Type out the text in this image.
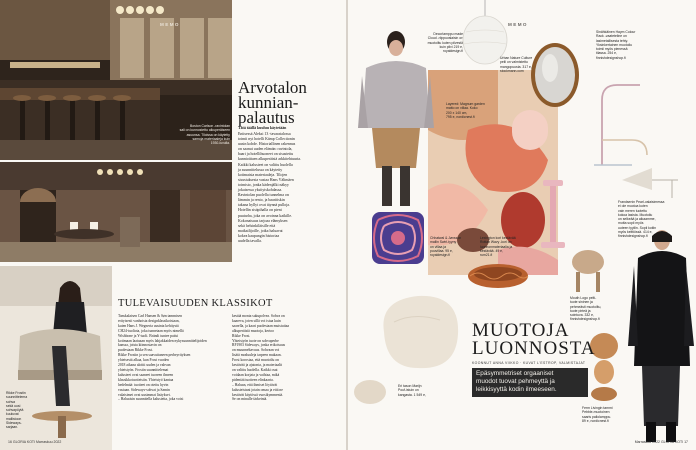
Boston Carlson -ravintolan
sali on kunnostettu alkuperäiseen
asuunsa. Tiloissa on käytetty
samoja materiaaleja kuin
1930-luvulla.
MEMO
Arvotalon
kunnian-
palautus
Tätä täällä kuuluu käytetään
Entisessä Aleksi 13 -tavaratalossa
toimii nyt hotelli Kämp Collectionin
uusin kohde. Historiallinen rakennus
on saanut uuden elämän: ravintola,
baari ja hotellihuoneet on sisustettu
kunnioittaen alkuperäistä arkkitehtuuria.
Kaikki kalusteet on valittu huolella
ja suunnittelussa on käytetty
kotimaisia materiaaleja. Tilojen
sisustuksesta vastaa Hans Välimäen
toimisto, jonka kädenjälki näkyy
jokaisessa yksityiskohdassa.
Ravintolan puolella tunnelma on
lämmin ja rento, ja baaritiskin
takana hyllyt ovat täynnä pulloja.
Hotellin sisäpihalla on pieni
puutarha, joka on avoinna kaikille.
Kokonaisuus tarjoaa elämyksen
sekä helsinkiläisille että
matkailijoille, jotka haluavat
kokea kaupungin historiaa
uudella tavalla.
Rikke Frostin
suunnittelema
sohva
sekä uusi
sohvapöytä
kuuluvat
mallistoon
Sideways-
sarjaan.
TULEVAISUUDEN KLASSIKOT
Tanskalaisen Carl Hansen & Søn tammisen
erityisesti vanhoista designklassikoistaan,
kuten Hans J. Wegneria uusinta kehitystä
CH24-tuoliota, joka tunnetaan myös nimellä
Wishbone ja Y-tuoli. Brändi tuntee paitsi
kotimaan laatuaan myös lahjakkaiden nykysuunnittelijoiden
kanssa, joista kiinnostavin on
puolestaan Rikke Frost.
Rikke Frostin ja sen saavuttaneen perheyrityksen
yhteisestä alkaa, kun Frost vuoden
2018 aikana aloitti uuden ja vahvan
yhteistyön. Frostin suunnittelemat
kalusteet ovat saaneet tuoreen ilmeen
klassikkotuotteisiin. Yhteistyö kantaa
hedelmää: tuotteet on otettu hyvin
vastaan. Sideways-sohvat ja Samin
valaisimet ovat uusimmat lisäykset.
– Haluaisin suunnitella kalusteita, joka voisi
kestää monta sukupolvea. Sohva on
kaareva, joten sillä voi istua kuin
saarella, ja kaari puolestaan muistuttaa
alkuperäisiä muotoja, kertoo
Rikke Frost.
Yhteistyön tuote on sohvaperhe
RF1903 Sideways, jonka erikoisuus
on muunneltavuus. Sohvaan voi
lisätä moduuleja tarpeen mukaan.
Frost korostaa, että muotoilu on
kestävää ja ajatonta, ja materiaalit
on valittu huolella. Kaikki osat
voidaan korjata ja vaihtaa, mikä
pidentää tuotteen elinkaarta.
– Haluan, että ihmiset löytävät
kalusteistani jotain omaa ja että ne
kestävät käytössä vuosikymmeniä.
Se on minulle tärkeintä.
16 GLORIA KOTI Marraskuu 2022
MEMO
Decorlamppu made
Cloud -riippuvalaisin on
muotoiltu kuten pilvestä
kuin pilvi 219 e,
royaldesign.fi
Urban Nature Culture
peili on valmistettu
mangopuusta. 317 e,
stockmann.com
Layered: Magnum garden
matto on villaa. Koko
200 x 140 cm,
795 e, nordicnest.fi
Sinähkäinen Haym Colour
Rack -vaateteline on
lasimetallisesta tehty.
Yksinkertainen muotoilu
toimii myös pienessä
tilassa. 254 e,
finnishdesignshop.fi
Frandsenin Pearl-valaisimessa
ei ole muotoa kuten
vain meren tuotettu
kokoa lasista. Muotoilu
on selkeää ja aikaamme,
mutta sopii myös
uuteen tyyliin. Sopii kotiin
myös keittiössä. 414 e,
finnishdesignshop.fi
Chhatwal & Jønsson
mallin Swirl-tyyny
on villaa ja
puuvillaa. 95 e,
royaldesign.fi
Lexington kori kestävää
Rottan Wavy -kori on
luonnonmateriaalia ja
kestävää. 49 e,
rum21.fi
Eri tason Marijn
Pouf-istuin on
kangasta. 1 549 e,
Mouth Logo pelti-
tuote sininen ja
pehmeästi muotoiltu,
tuote pirteä ja
sointuva. 332 e,
finnishdesignshop.fi
Ferm Livingin tammi
Pebble-muotoinen
saaris pallolamppu.
89 e, nordicnest.fi
MUOTOJA
LUONNOSTA
KOONNUT ANNA VIIKKO · KUVAT L'ESTROP, VALMISTAJAT
Epäsymmetriset orgaaniset
muodot tuovat pehmeyttä ja
leikkisyyttä kodin ilmeeseen.
Marraskuu 2022 GLORIA KOTI 17
